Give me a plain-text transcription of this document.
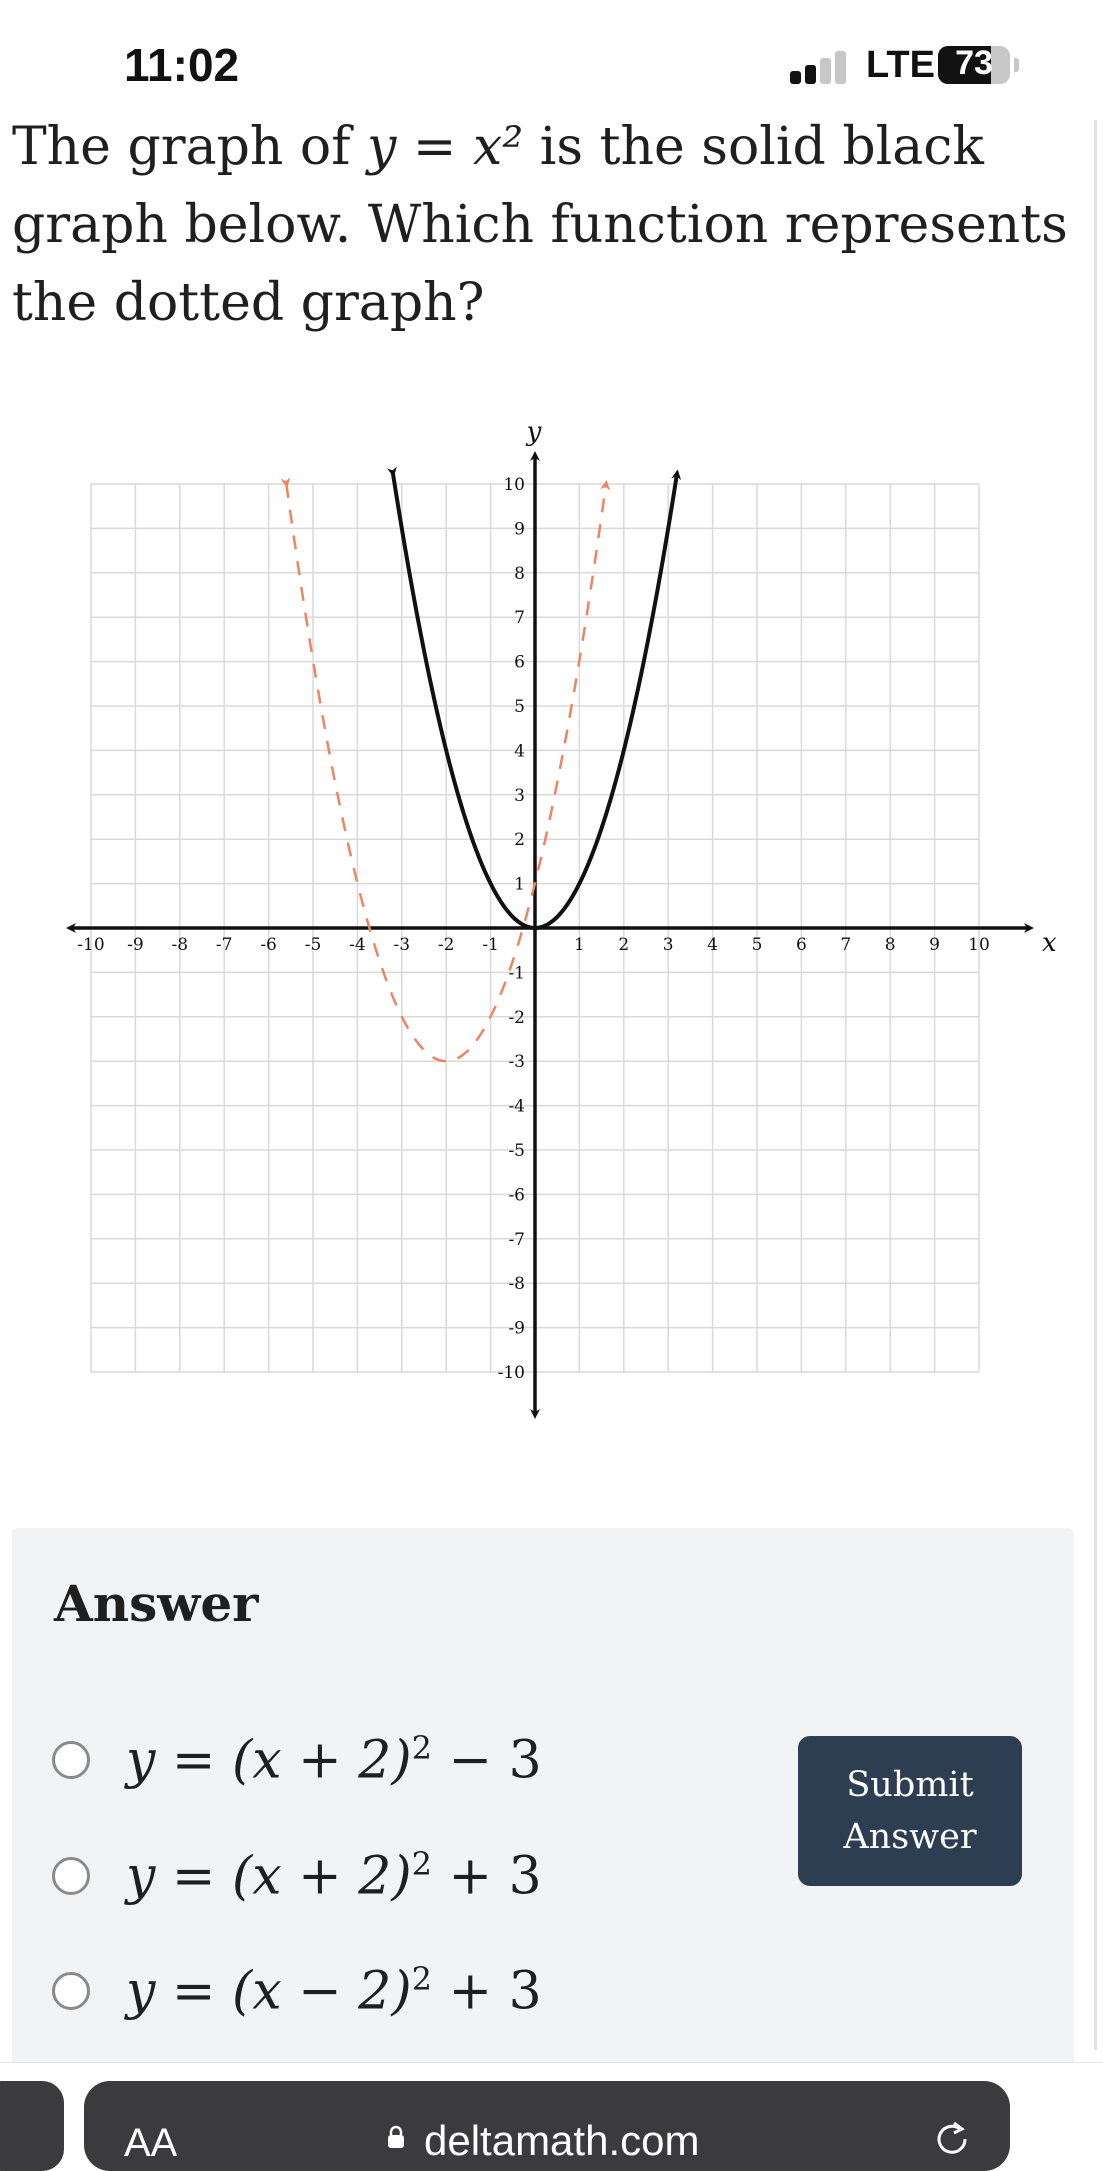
11:02	LTE 73
The graph of y = x² is the solid black graph below. Which function represents the dotted graph?
-10 -9 -8 -7 -6 -5 -4 -3 -2 -1	1 2 3 4 5 6 7 8 9 10
10
9
8
7
6
5
4
3
2
1
-1
-2
-3
-4
-5
-6
-7
-8
-9
-10
x
y
Answer
$y = (x + 2)^2 - 3$
$y = (x + 2)^2 + 3$
$y = (x - 2)^2 + 3$
Submit
Answer
AA	deltamath.com
